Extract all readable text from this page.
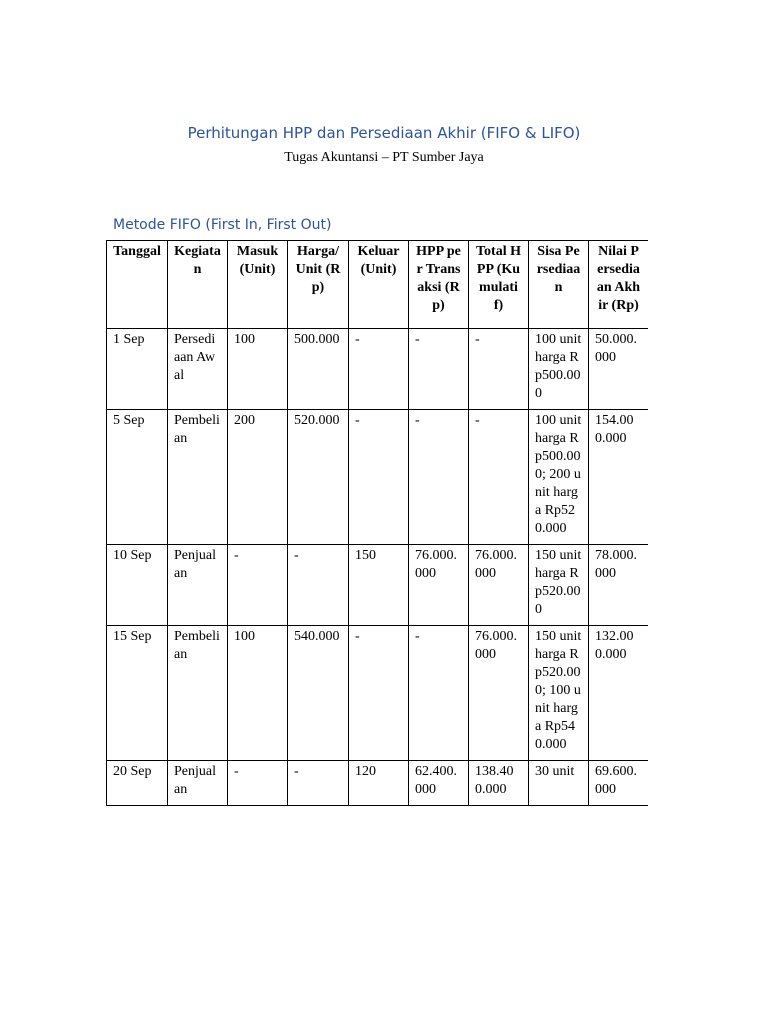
Perhitungan HPP dan Persediaan Akhir (FIFO & LIFO)
Tugas Akuntansi – PT Sumber Jaya
Metode FIFO (First In, First Out)
Tanggal	Kegiatan	Masuk (Unit)	Harga/ Unit (Rp)	Keluar (Unit)	HPP per Transaksi (Rp)	Total HPP (Kumulatif)	Sisa Persediaan	Nilai Persediaan Akhir (Rp)
1 Sep	Persediaan Awal	100	500.000	-	-	-	100 unit harga Rp500.000	50.000.000
5 Sep	Pembelian	200	520.000	-	-	-	100 unit harga Rp500.000; 200 unit harga Rp520.000	154.000.000
10 Sep	Penjualan	-	-	150	76.000.000	76.000.000	150 unit harga Rp520.000	78.000.000
15 Sep	Pembelian	100	540.000	-	-	76.000.000	150 unit harga Rp520.000; 100 unit harga Rp540.000	132.000.000
20 Sep	Penjualan	-	-	120	62.400.000	138.400.000	30 unit	69.600.000
